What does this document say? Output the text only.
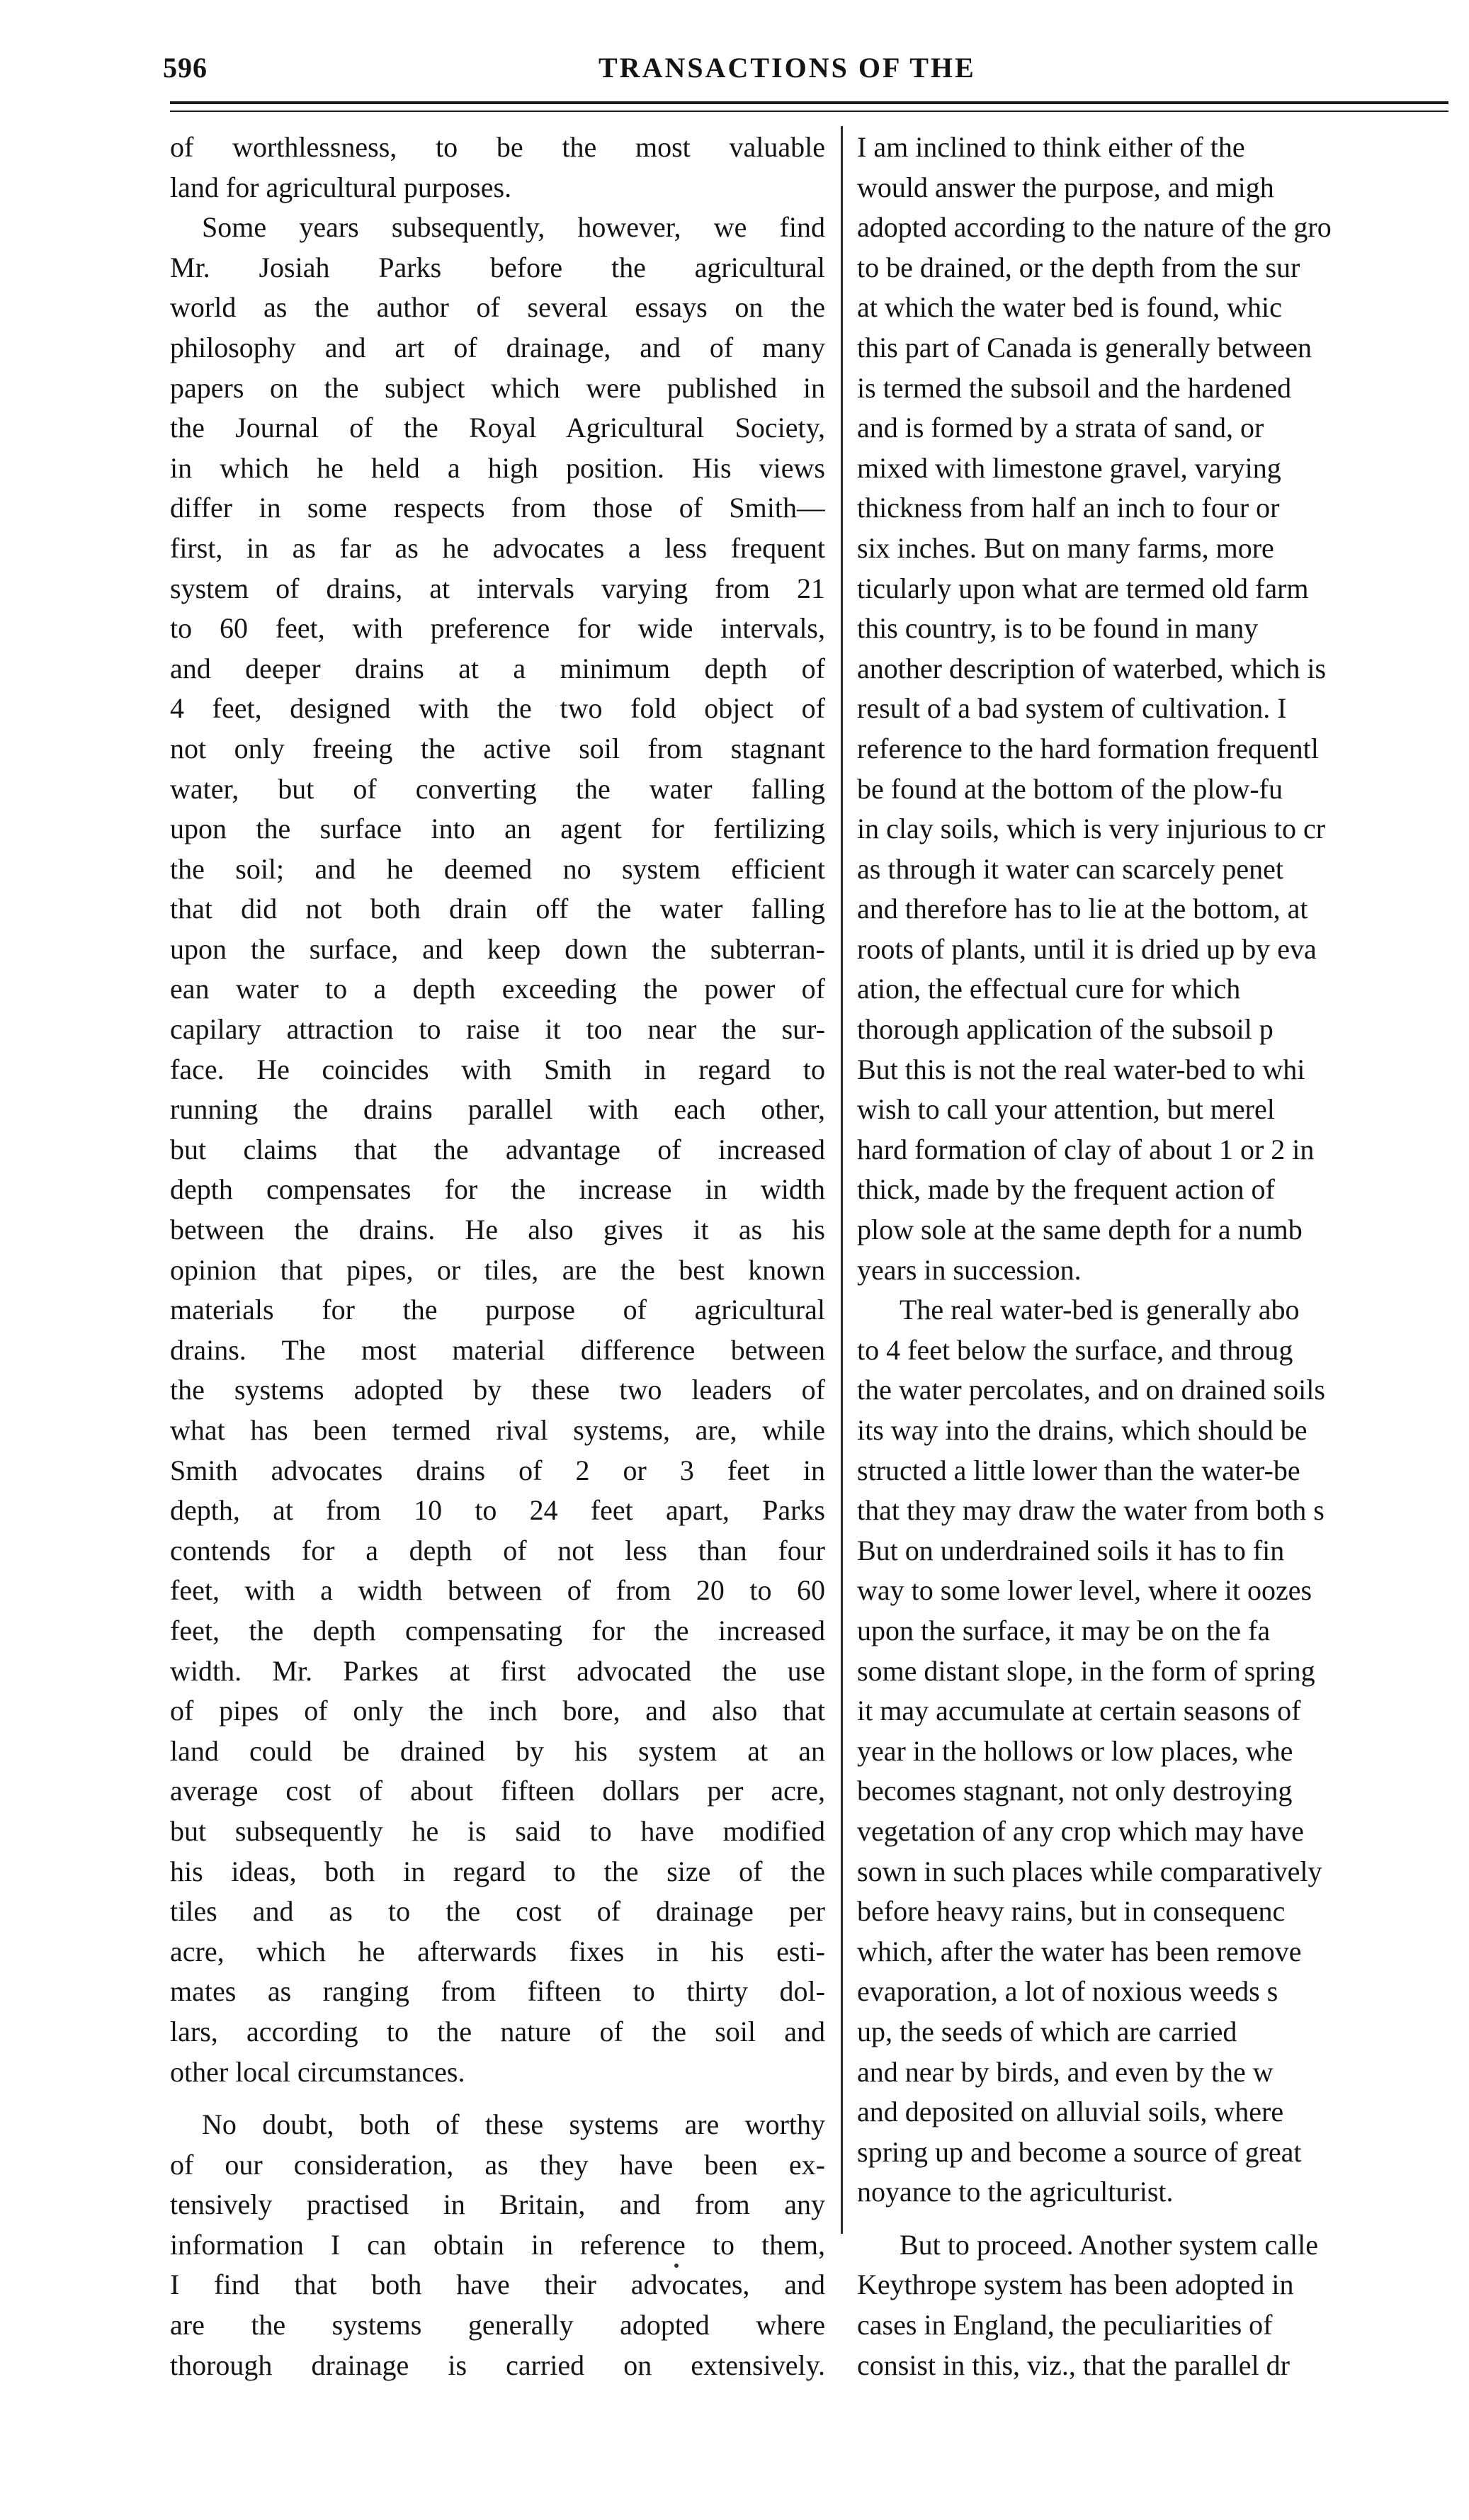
596	TRANSACTIONS OF THE
of worthlessness, to be the most valuable
land for agricultural purposes.
Some years subsequently, however, we find
Mr. Josiah Parks before the agricultural
world as the author of several essays on the
philosophy and art of drainage, and of many
papers on the subject which were published in
the Journal of the Royal Agricultural Society,
in which he held a high position. His views
differ in some respects from those of Smith—
first, in as far as he advocates a less frequent
system of drains, at intervals varying from 21
to 60 feet, with preference for wide intervals,
and deeper drains at a minimum depth of
4 feet, designed with the two fold object of
not only freeing the active soil from stagnant
water, but of converting the water falling
upon the surface into an agent for fertilizing
the soil; and he deemed no system efficient
that did not both drain off the water falling
upon the surface, and keep down the subterran-
ean water to a depth exceeding the power of
capilary attraction to raise it too near the sur-
face. He coincides with Smith in regard to
running the drains parallel with each other,
but claims that the advantage of increased
depth compensates for the increase in width
between the drains. He also gives it as his
opinion that pipes, or tiles, are the best known
materials for the purpose of agricultural
drains. The most material difference between
the systems adopted by these two leaders of
what has been termed rival systems, are, while
Smith advocates drains of 2 or 3 feet in
depth, at from 10 to 24 feet apart, Parks
contends for a depth of not less than four
feet, with a width between of from 20 to 60
feet, the depth compensating for the increased
width. Mr. Parkes at first advocated the use
of pipes of only the inch bore, and also that
land could be drained by his system at an
average cost of about fifteen dollars per acre,
but subsequently he is said to have modified
his ideas, both in regard to the size of the
tiles and as to the cost of drainage per
acre, which he afterwards fixes in his esti-
mates as ranging from fifteen to thirty dol-
lars, according to the nature of the soil and
other local circumstances.
No doubt, both of these systems are worthy
of our consideration, as they have been ex-
tensively practised in Britain, and from any
information I can obtain in reference to them,
I find that both have their advocates, and
are the systems generally adopted where
thorough drainage is carried on extensively.
I am inclined to think either of the
would answer the purpose, and migh
adopted according to the nature of the gro
to be drained, or the depth from the sur
at which the water bed is found, whic
this part of Canada is generally between
is termed the subsoil and the hardened
and is formed by a strata of sand, or
mixed with limestone gravel, varying
thickness from half an inch to four or
six inches. But on many farms, more
ticularly upon what are termed old farm
this country, is to be found in many
another description of waterbed, which is
result of a bad system of cultivation. I
reference to the hard formation frequentl
be found at the bottom of the plow-fu
in clay soils, which is very injurious to cr
as through it water can scarcely penet
and therefore has to lie at the bottom, at
roots of plants, until it is dried up by eva
ation, the effectual cure for which
thorough application of the subsoil p
But this is not the real water-bed to whi
wish to call your attention, but merel
hard formation of clay of about 1 or 2 in
thick, made by the frequent action of
plow sole at the same depth for a numb
years in succession.
The real water-bed is generally abo
to 4 feet below the surface, and throug
the water percolates, and on drained soils
its way into the drains, which should be
structed a little lower than the water-be
that they may draw the water from both s
But on underdrained soils it has to fin
way to some lower level, where it oozes
upon the surface, it may be on the fa
some distant slope, in the form of spring
it may accumulate at certain seasons of
year in the hollows or low places, whe
becomes stagnant, not only destroying
vegetation of any crop which may have
sown in such places while comparatively
before heavy rains, but in consequenc
which, after the water has been remove
evaporation, a lot of noxious weeds s
up, the seeds of which are carried
and near by birds, and even by the w
and deposited on alluvial soils, where
spring up and become a source of great
noyance to the agriculturist.
But to proceed. Another system calle
Keythrope system has been adopted in
cases in England, the peculiarities of
consist in this, viz., that the parallel dr
